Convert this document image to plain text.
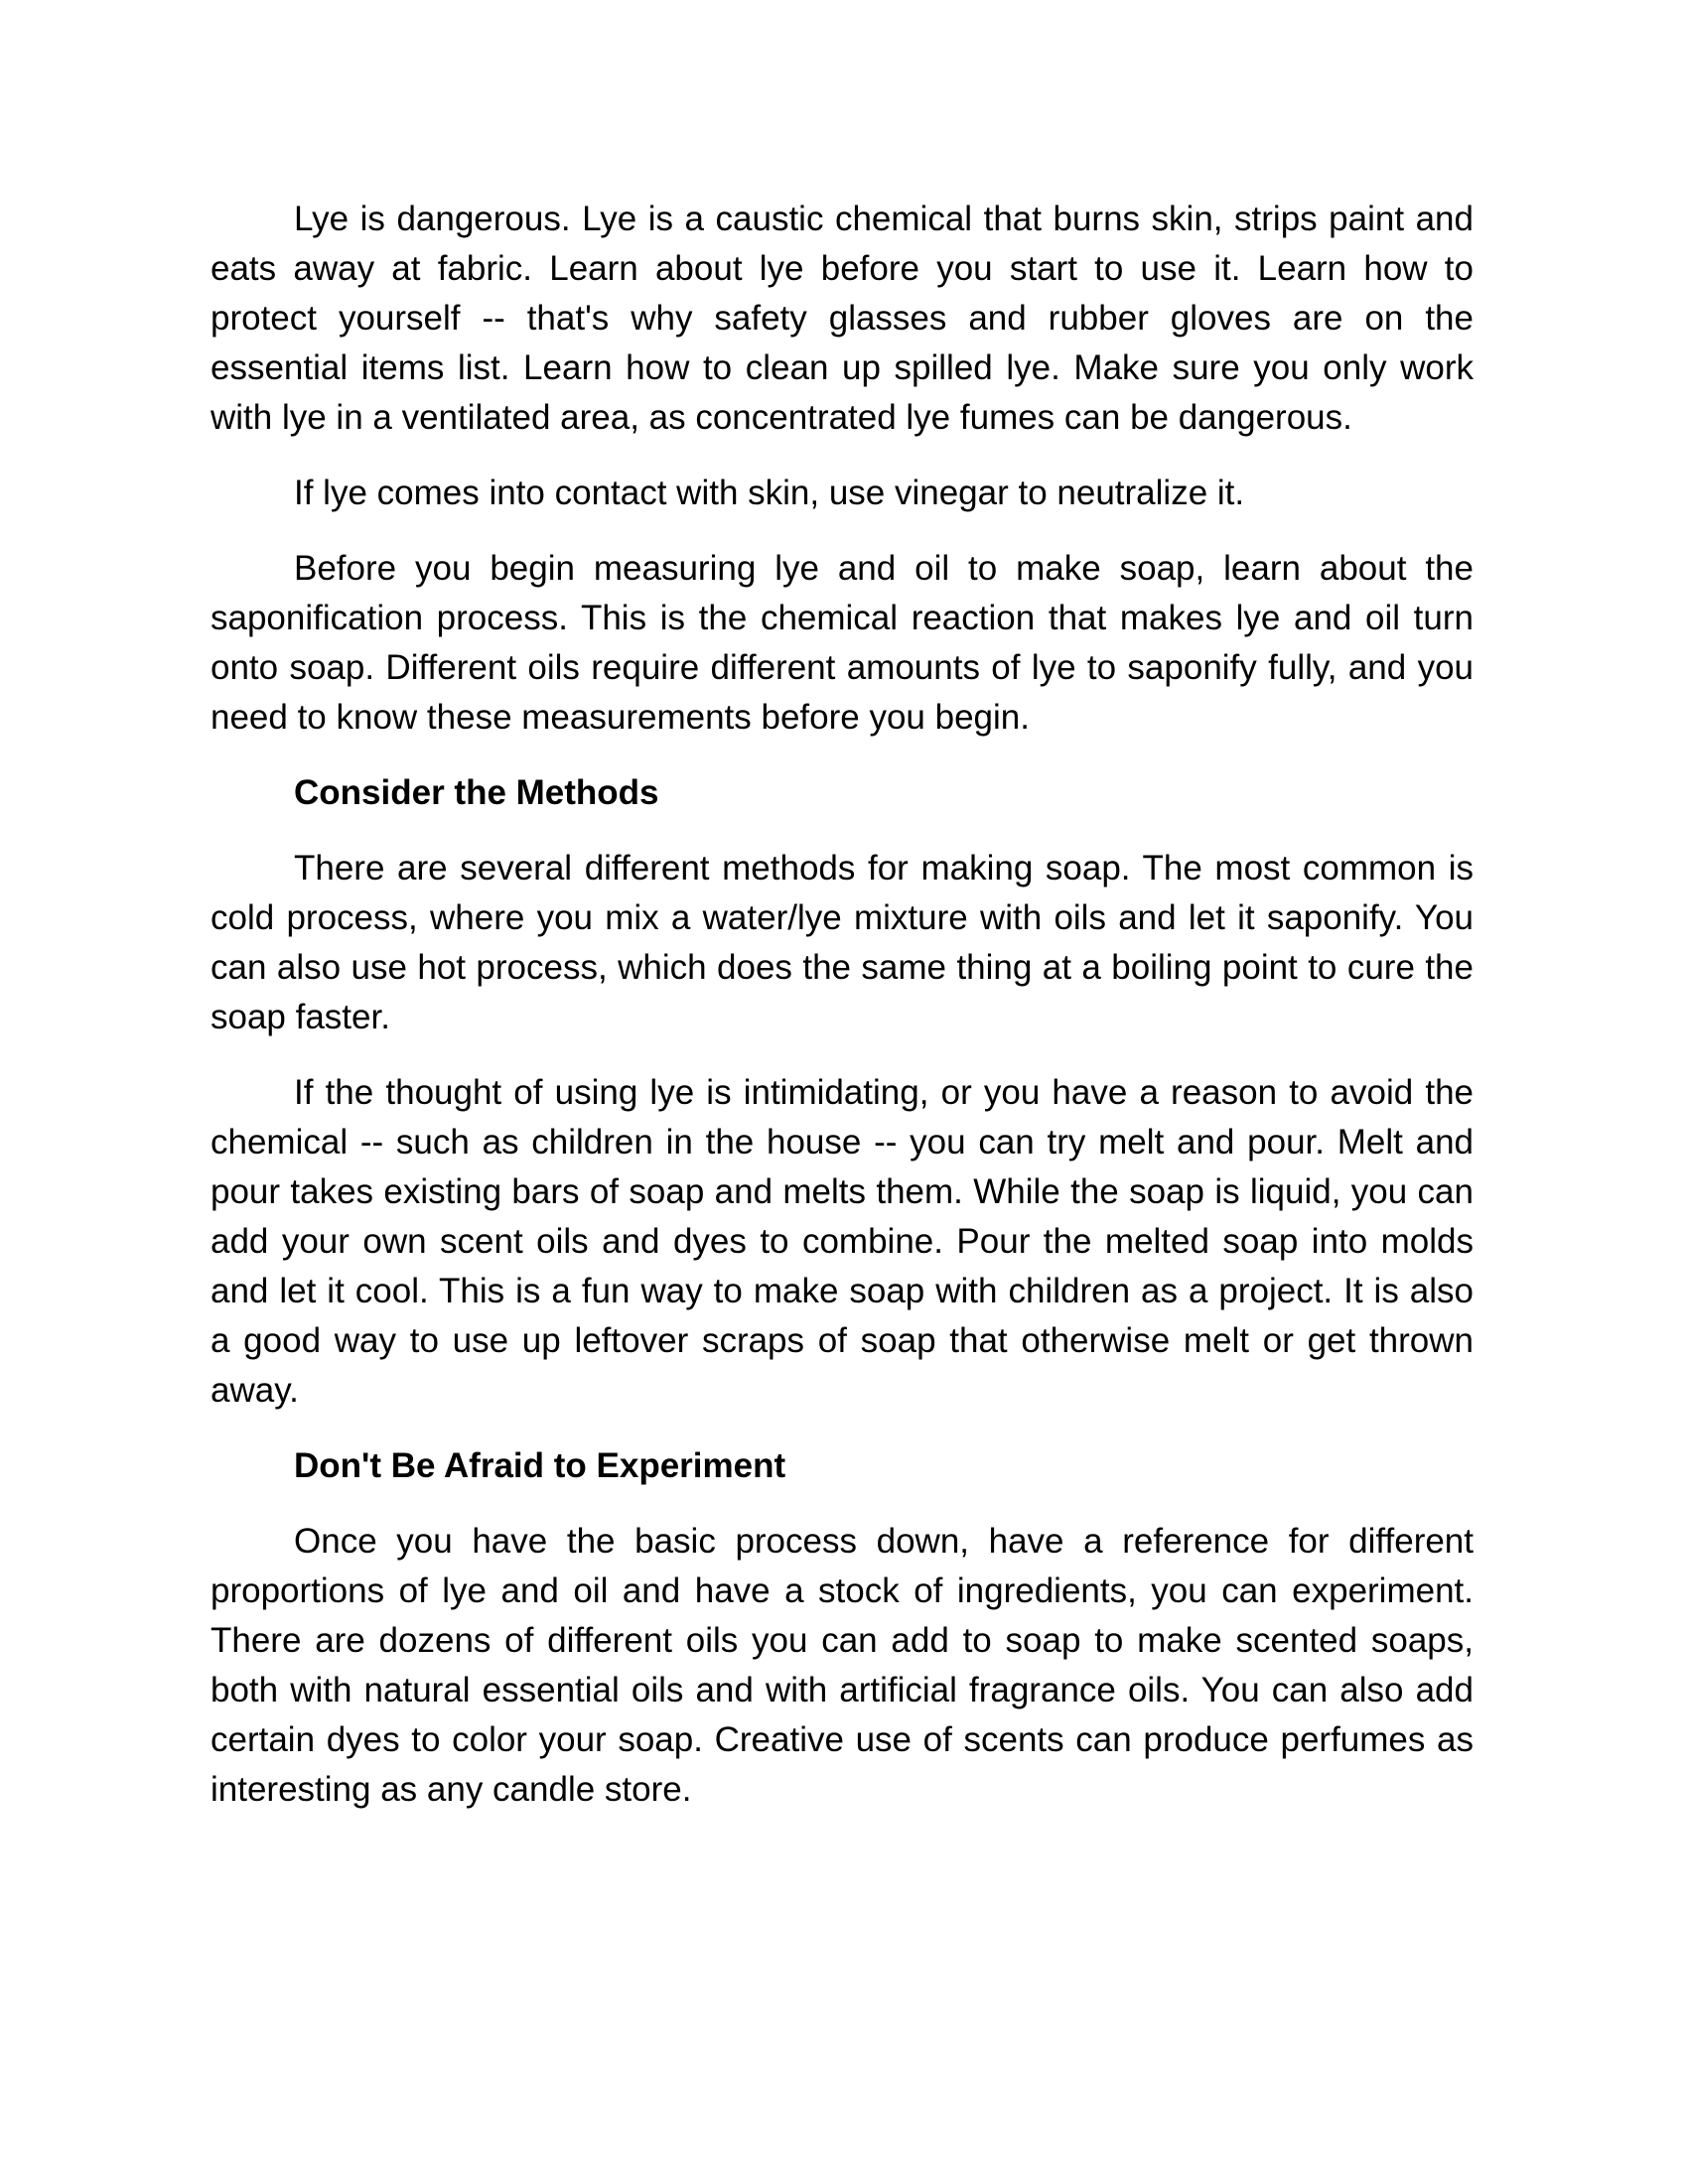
Lye is dangerous. Lye is a caustic chemical that burns skin, strips paint and eats away at fabric. Learn about lye before you start to use it. Learn how to protect yourself -- that's why safety glasses and rubber gloves are on the essential items list. Learn how to clean up spilled lye. Make sure you only work with lye in a ventilated area, as concentrated lye fumes can be dangerous.

If lye comes into contact with skin, use vinegar to neutralize it.

Before you begin measuring lye and oil to make soap, learn about the saponification process. This is the chemical reaction that makes lye and oil turn onto soap. Different oils require different amounts of lye to saponify fully, and you need to know these measurements before you begin.

Consider the Methods

There are several different methods for making soap. The most common is cold process, where you mix a water/lye mixture with oils and let it saponify. You can also use hot process, which does the same thing at a boiling point to cure the soap faster.

If the thought of using lye is intimidating, or you have a reason to avoid the chemical -- such as children in the house -- you can try melt and pour. Melt and pour takes existing bars of soap and melts them. While the soap is liquid, you can add your own scent oils and dyes to combine. Pour the melted soap into molds and let it cool. This is a fun way to make soap with children as a project. It is also a good way to use up leftover scraps of soap that otherwise melt or get thrown away.

Don't Be Afraid to Experiment

Once you have the basic process down, have a reference for different proportions of lye and oil and have a stock of ingredients, you can experiment. There are dozens of different oils you can add to soap to make scented soaps, both with natural essential oils and with artificial fragrance oils. You can also add certain dyes to color your soap. Creative use of scents can produce perfumes as interesting as any candle store.
